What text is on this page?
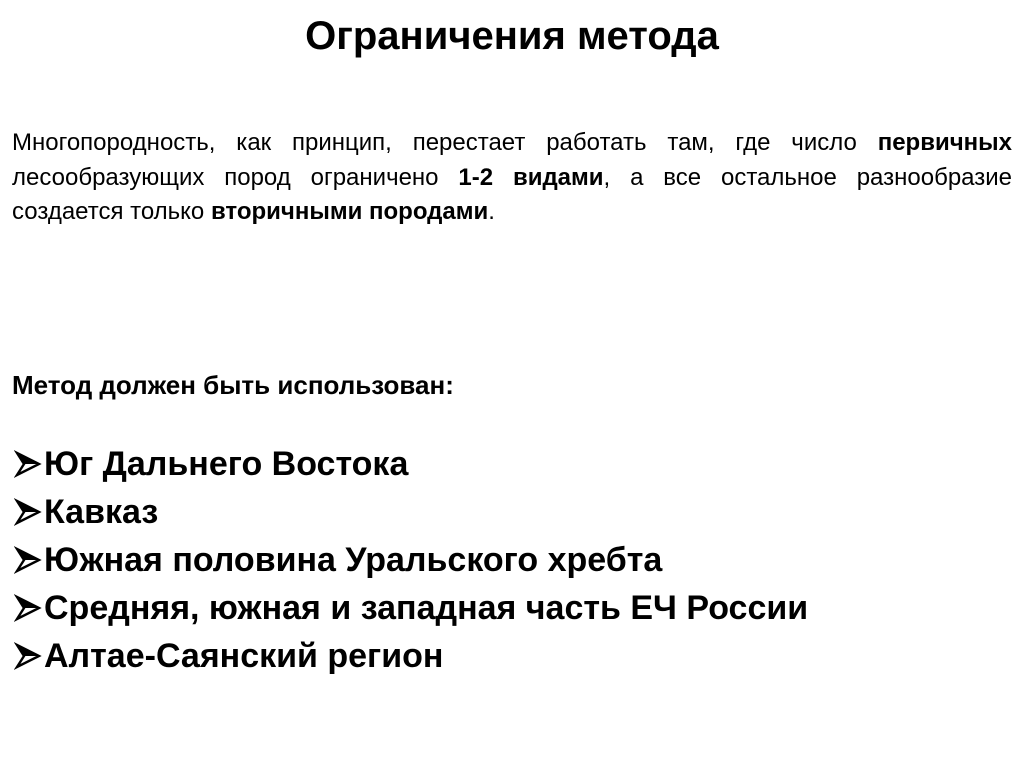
Ограничения метода

Многопородность, как принцип, перестает работать там, где число первичных лесообразующих пород ограничено 1-2 видами, а все остальное разнообразие создается только вторичными породами.

Метод должен быть использован:
Юг Дальнего Востока
Кавказ
Южная половина Уральского хребта
Средняя, южная и западная часть ЕЧ России
Алтае-Саянский регион
